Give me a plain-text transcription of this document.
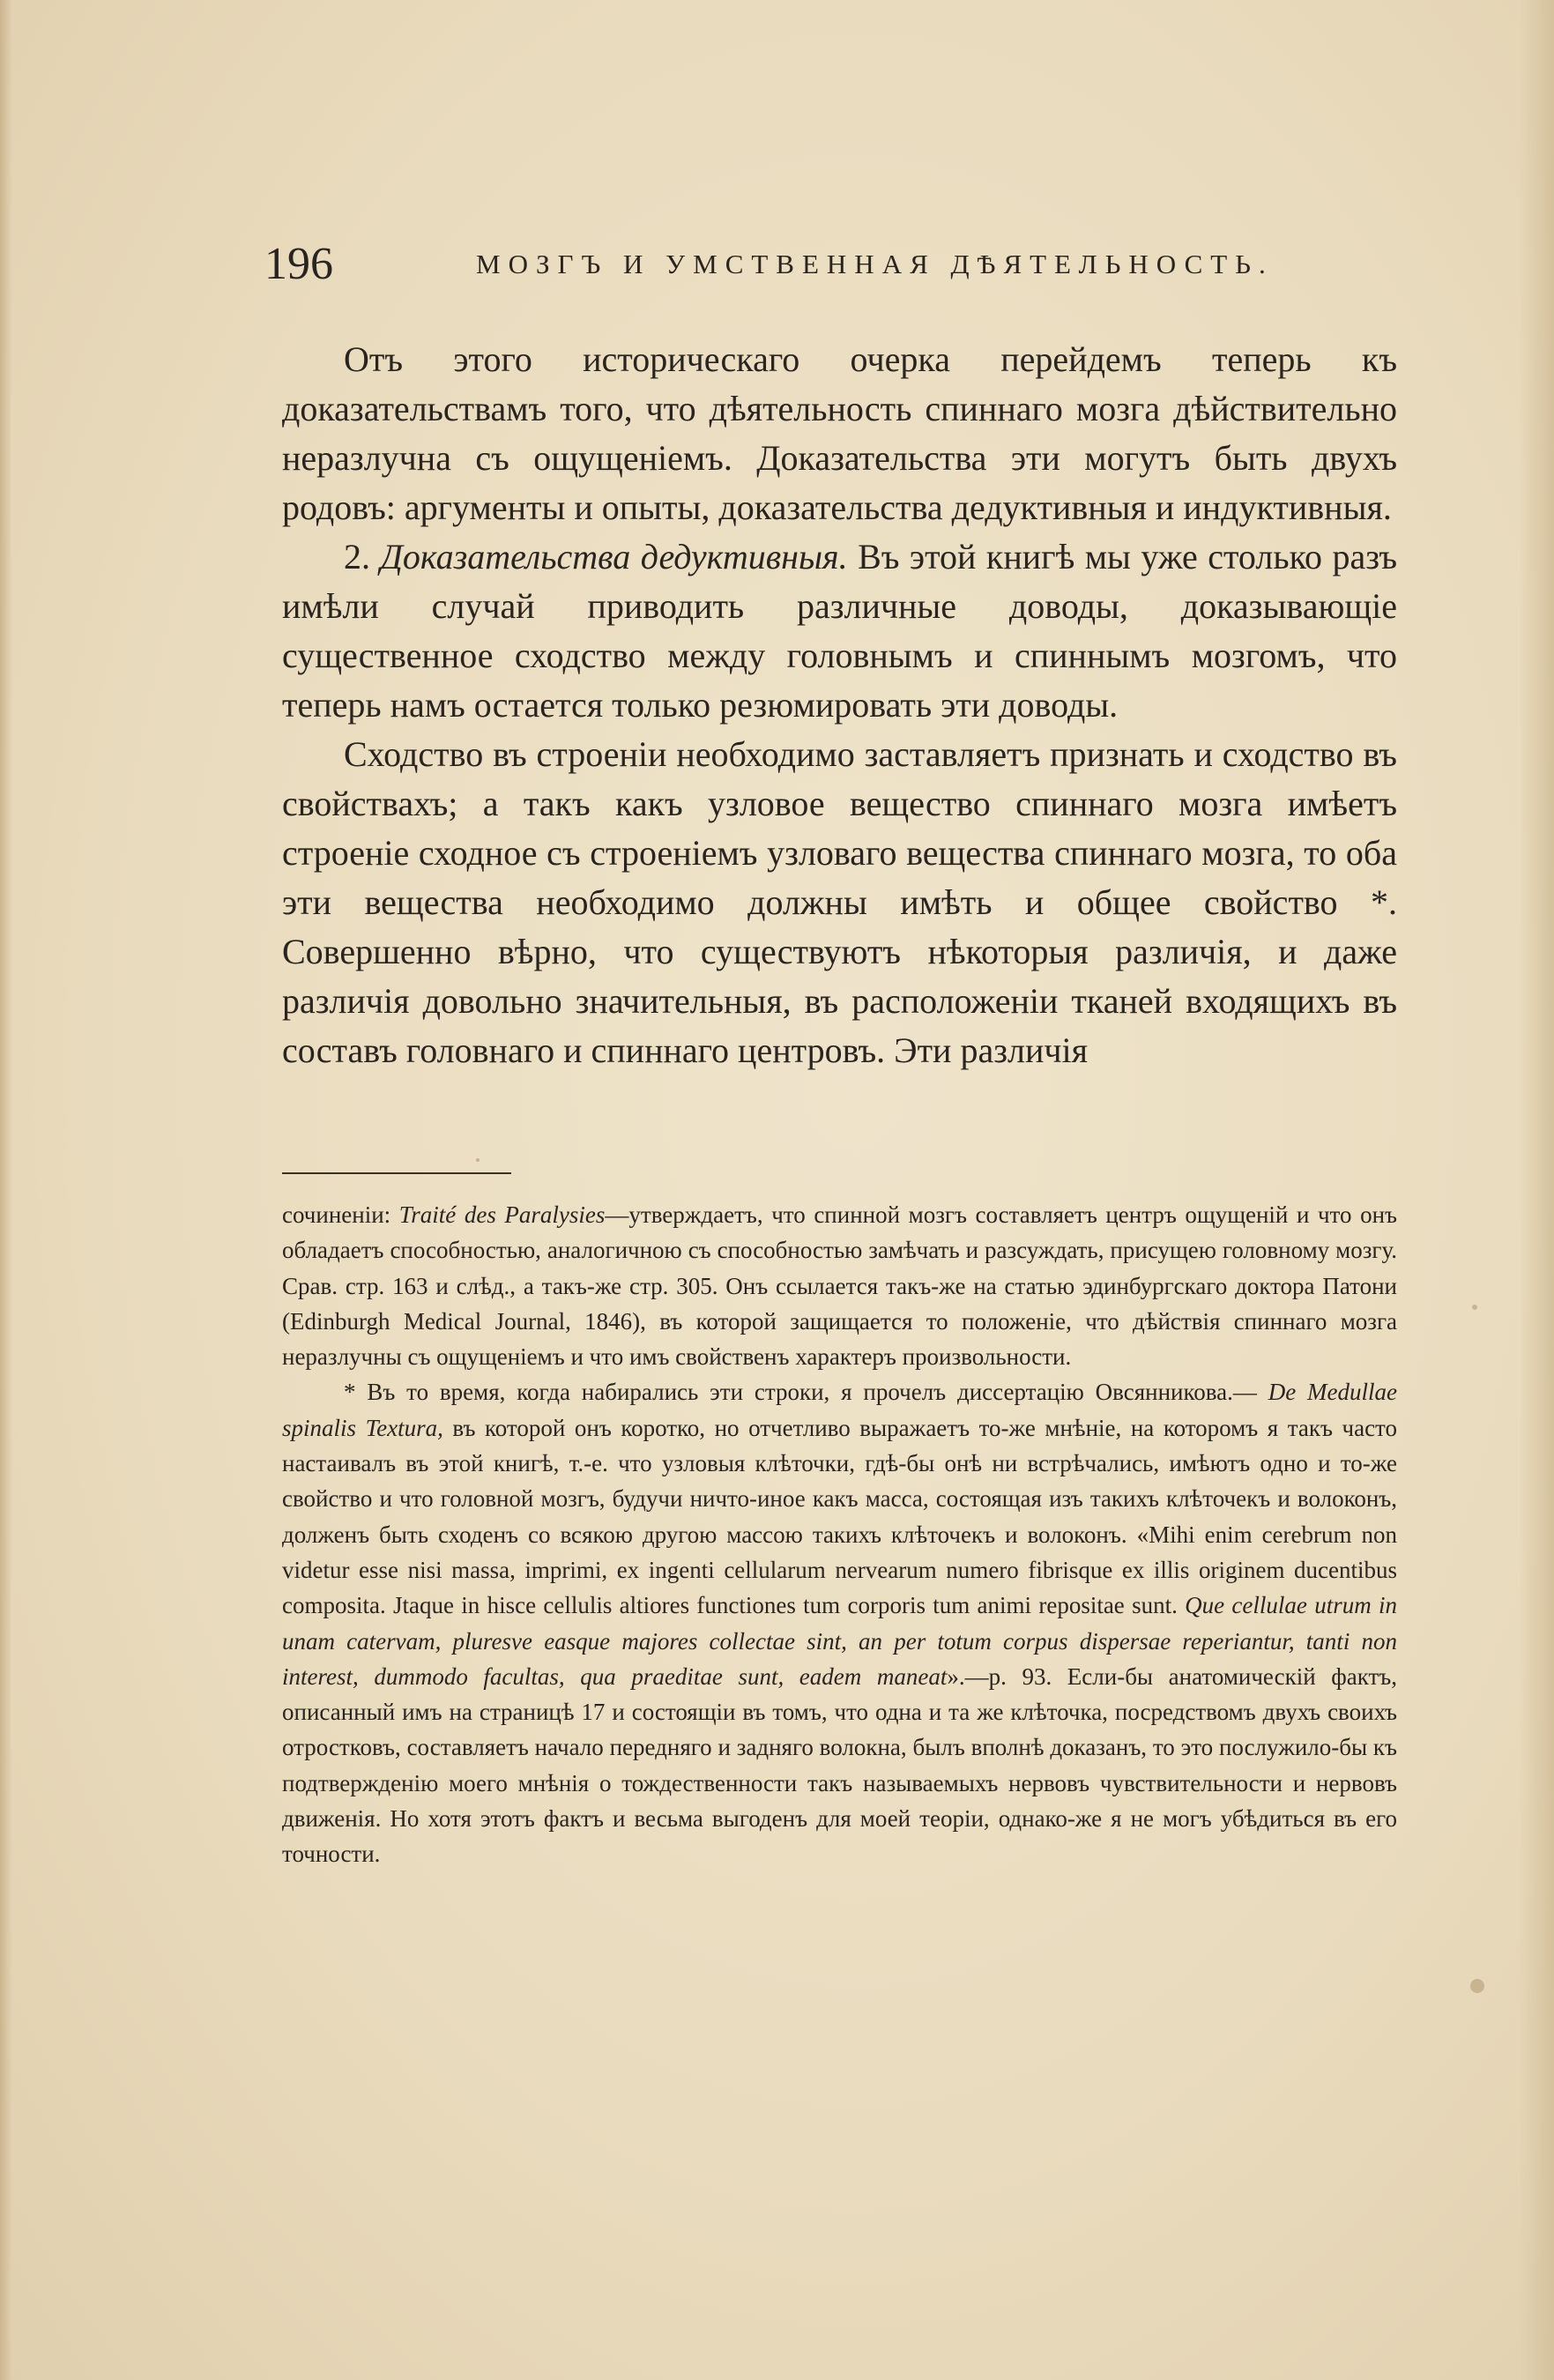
196	МОЗГЪ И УМСТВЕННАЯ ДѢЯТЕЛЬНОСТЬ.

Отъ этого историческаго очерка перейдемъ теперь къ доказательствамъ того, что дѣятельность спиннаго мозга дѣйствительно неразлучна съ ощущеніемъ. Доказательства эти могутъ быть двухъ родовъ: аргументы и опыты, доказательства дедуктивныя и индуктивныя.

2. Доказательства дедуктивныя. Въ этой книгѣ мы уже столько разъ имѣли случай приводить различные доводы, доказывающіе существенное сходство между головнымъ и спиннымъ мозгомъ, что теперь намъ остается только резюмировать эти доводы.

Сходство въ строеніи необходимо заставляетъ признать и сходство въ свойствахъ; а такъ какъ узловое вещество спиннаго мозга имѣетъ строеніе сходное съ строеніемъ узловаго вещества спиннаго мозга, то оба эти вещества необходимо должны имѣть и общее свойство *. Совершенно вѣрно, что существуютъ нѣкоторыя различія, и даже различія довольно значительныя, въ расположеніи тканей входящихъ въ составъ головнаго и спиннаго центровъ. Эти различія

сочиненіи: Traité des Paralysies—утверждаетъ, что спинной мозгъ составляетъ центръ ощущеній и что онъ обладаетъ способностью, аналогичною съ способностью замѣчать и разсуждать, присущею головному мозгу. Срав. стр. 163 и слѣд., а такъ-же стр. 305. Онъ ссылается такъ-же на статью эдинбургскаго доктора Патони (Edinburgh Medical Journal, 1846), въ которой защищается то положеніе, что дѣйствія спиннаго мозга неразлучны съ ощущеніемъ и что имъ свойственъ характеръ произвольности.

* Въ то время, когда набирались эти строки, я прочелъ диссертацію Овсянникова.— De Medullae spinalis Textura, въ которой онъ коротко, но отчетливо выражаетъ то-же мнѣніе, на которомъ я такъ часто настаивалъ въ этой книгѣ, т.-е. что узловыя клѣточки, гдѣ-бы онѣ ни встрѣчались, имѣютъ одно и то-же свойство и что головной мозгъ, будучи ничто-иное какъ масса, состоящая изъ такихъ клѣточекъ и волоконъ, долженъ быть сходенъ со всякою другою массою такихъ клѣточекъ и волоконъ. «Mihi enim cerebrum non videtur esse nisi massa, imprimi, ex ingenti cellularum nervearum numero fibrisque ex illis originem ducentibus composita. Jtaque in hisce cellulis altiores functiones tum corporis tum animi repositae sunt. Que cellulae utrum in unam catervam, pluresve easque majores collectae sint, an per totum corpus dispersae reperiantur, tanti non interest, dummodo facultas, qua praeditae sunt, eadem maneat».—р. 93. Если-бы анатомическій фактъ, описанный имъ на страницѣ 17 и состоящіи въ томъ, что одна и та же клѣточка, посредствомъ двухъ своихъ отростковъ, составляетъ начало передняго и задняго волокна, былъ вполнѣ доказанъ, то это послужило-бы къ подтвержденію моего мнѣнія о тождественности такъ называемыхъ нервовъ чувствительности и нервовъ движенія. Но хотя этотъ фактъ и весьма выгоденъ для моей теоріи, однако-же я не могъ убѣдиться въ его точности.
